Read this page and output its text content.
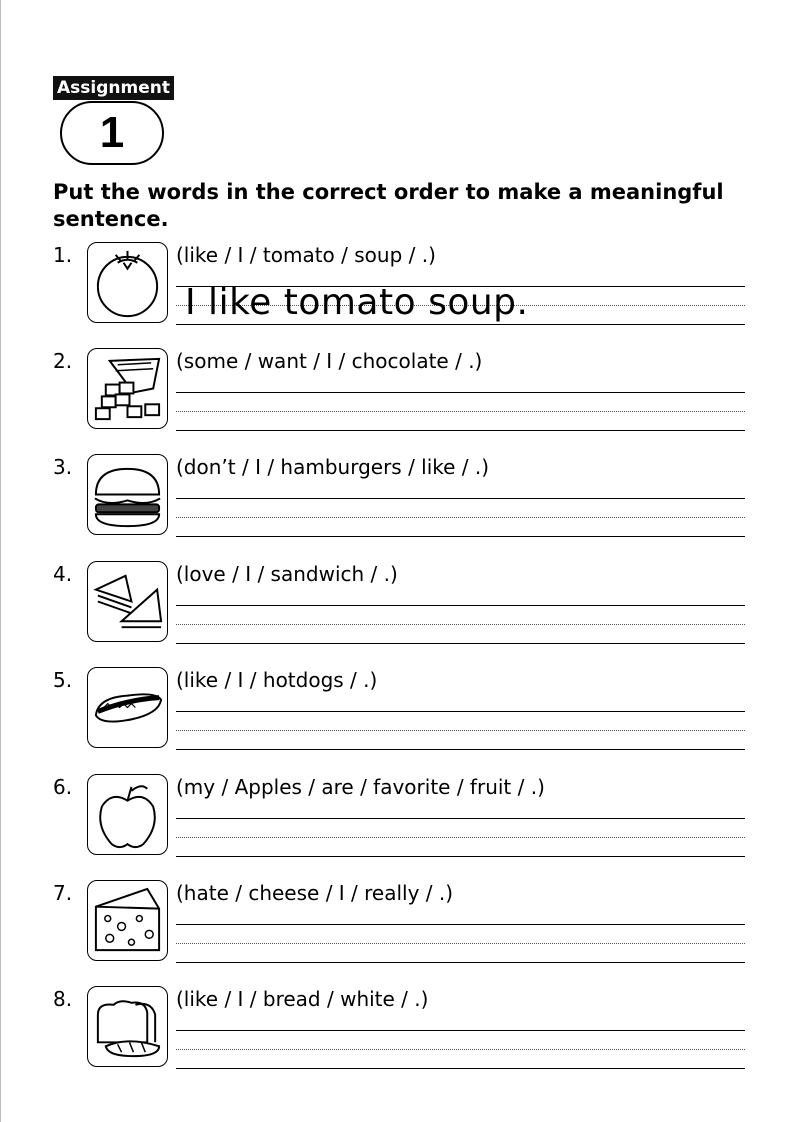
Assignment
1
Put the words in the correct order to make a meaningful sentence.
1.	(like / I / tomato / soup / .)
I like tomato soup.
2.	(some / want / I / chocolate / .)
3.	(don’t / I / hamburgers / like / .)
4.	(love / I / sandwich / .)
5.	(like / I / hotdogs / .)
6.	(my / Apples / are / favorite / fruit / .)
7.	(hate / cheese / I / really / .)
8.	(like / I / bread / white / .)
